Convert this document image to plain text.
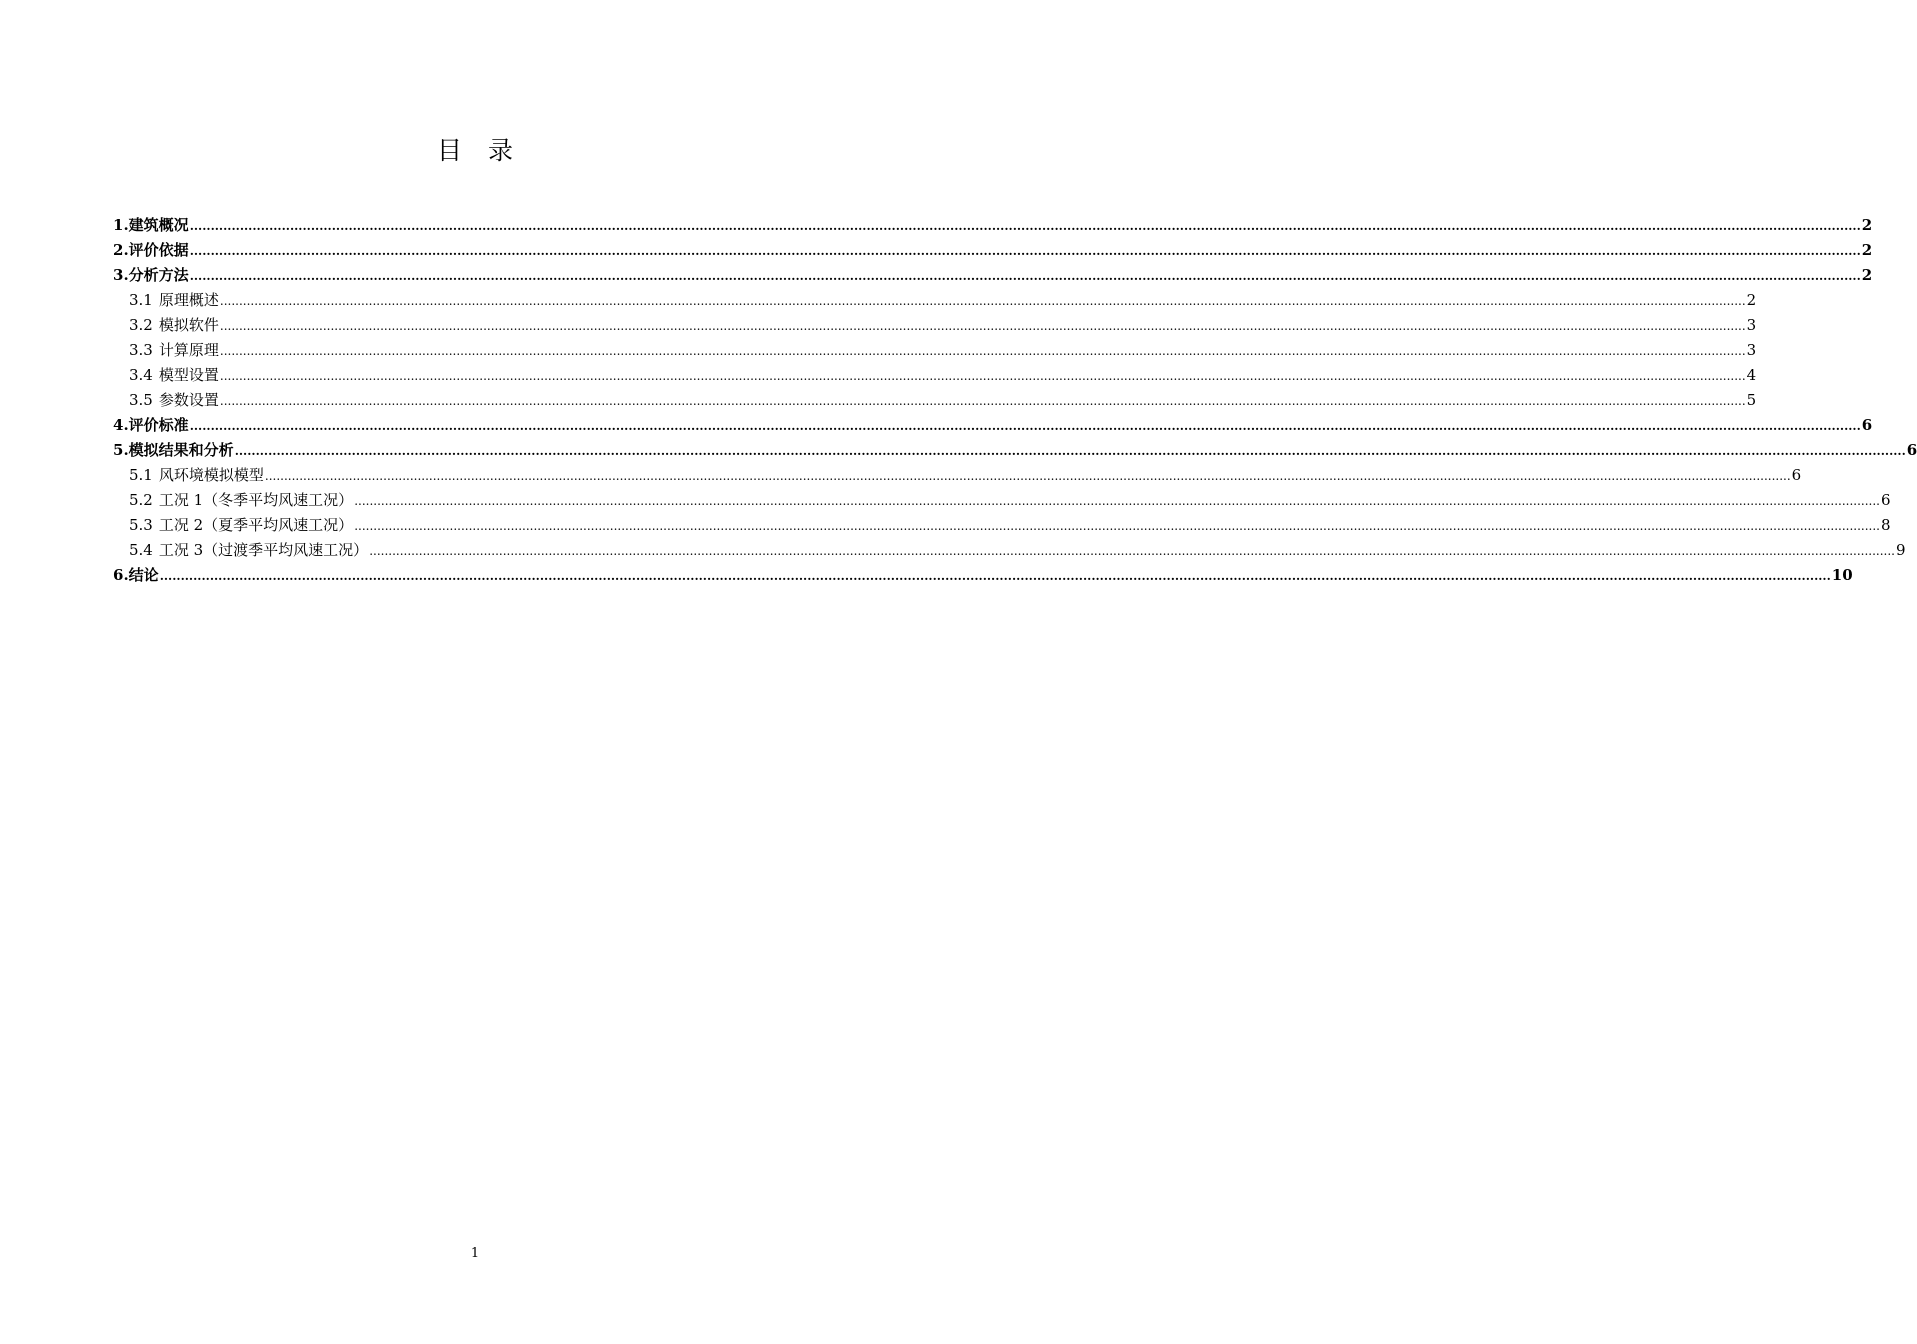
目 录
1 . 建筑概况 ................................................................................................................................................................................................................................................................................................................................................................................................................ 2
2 . 评价依据 ................................................................................................................................................................................................................................................................................................................................................................................................................ 2
3 . 分析方法 ................................................................................................................................................................................................................................................................................................................................................................................................................ 2
3.1 原理概述 ................................................................................................................................................................................................................................................................................................................................................................................................................ 2
3.2 模拟软件 ................................................................................................................................................................................................................................................................................................................................................................................................................ 3
3.3 计算原理 ................................................................................................................................................................................................................................................................................................................................................................................................................ 3
3.4 模型设置 ................................................................................................................................................................................................................................................................................................................................................................................................................ 4
3.5 参数设置 ................................................................................................................................................................................................................................................................................................................................................................................................................ 5
4 . 评价标准 ................................................................................................................................................................................................................................................................................................................................................................................................................ 6
5 . 模拟结果和分析 ................................................................................................................................................................................................................................................................................................................................................................................................................ 6
5.1 风环境模拟模型 ................................................................................................................................................................................................................................................................................................................................................................................................................ 6
5.2 工况 1（冬季平均风速工况） ................................................................................................................................................................................................................................................................................................................................................................................................................ 6
5.3 工况 2（夏季平均风速工况） ................................................................................................................................................................................................................................................................................................................................................................................................................ 8
5.4 工况 3（过渡季平均风速工况） ................................................................................................................................................................................................................................................................................................................................................................................................................ 9
6 . 结论 ................................................................................................................................................................................................................................................................................................................................................................................................................ 10
1
